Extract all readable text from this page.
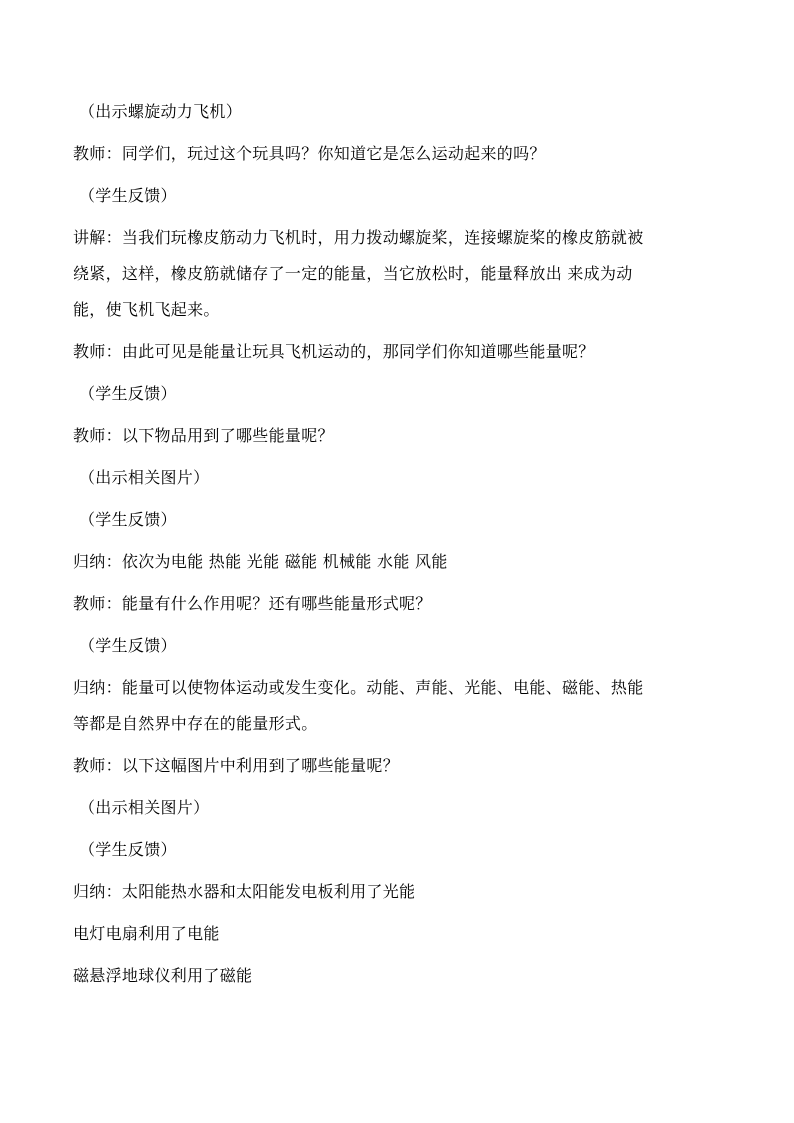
（出示螺旋动力飞机）
教师：同学们，玩过这个玩具吗？你知道它是怎么运动起来的吗？
（学生反馈）
讲解：当我们玩橡皮筋动力飞机时，用力拨动螺旋桨，连接螺旋桨的橡皮筋就被
绕紧，这样，橡皮筋就储存了一定的能量，当它放松时，能量释放出 来成为动
能，使飞机飞起来。
教师：由此可见是能量让玩具飞机运动的，那同学们你知道哪些能量呢？
（学生反馈）
教师：以下物品用到了哪些能量呢？
（出示相关图片）
（学生反馈）
归纳：依次为电能 热能 光能 磁能 机械能 水能 风能
教师：能量有什么作用呢？还有哪些能量形式呢？
（学生反馈）
归纳：能量可以使物体运动或发生变化。动能、声能、光能、电能、磁能、热能
等都是自然界中存在的能量形式。
教师：以下这幅图片中利用到了哪些能量呢？
（出示相关图片）
（学生反馈）
归纳：太阳能热水器和太阳能发电板利用了光能
电灯电扇利用了电能
磁悬浮地球仪利用了磁能
